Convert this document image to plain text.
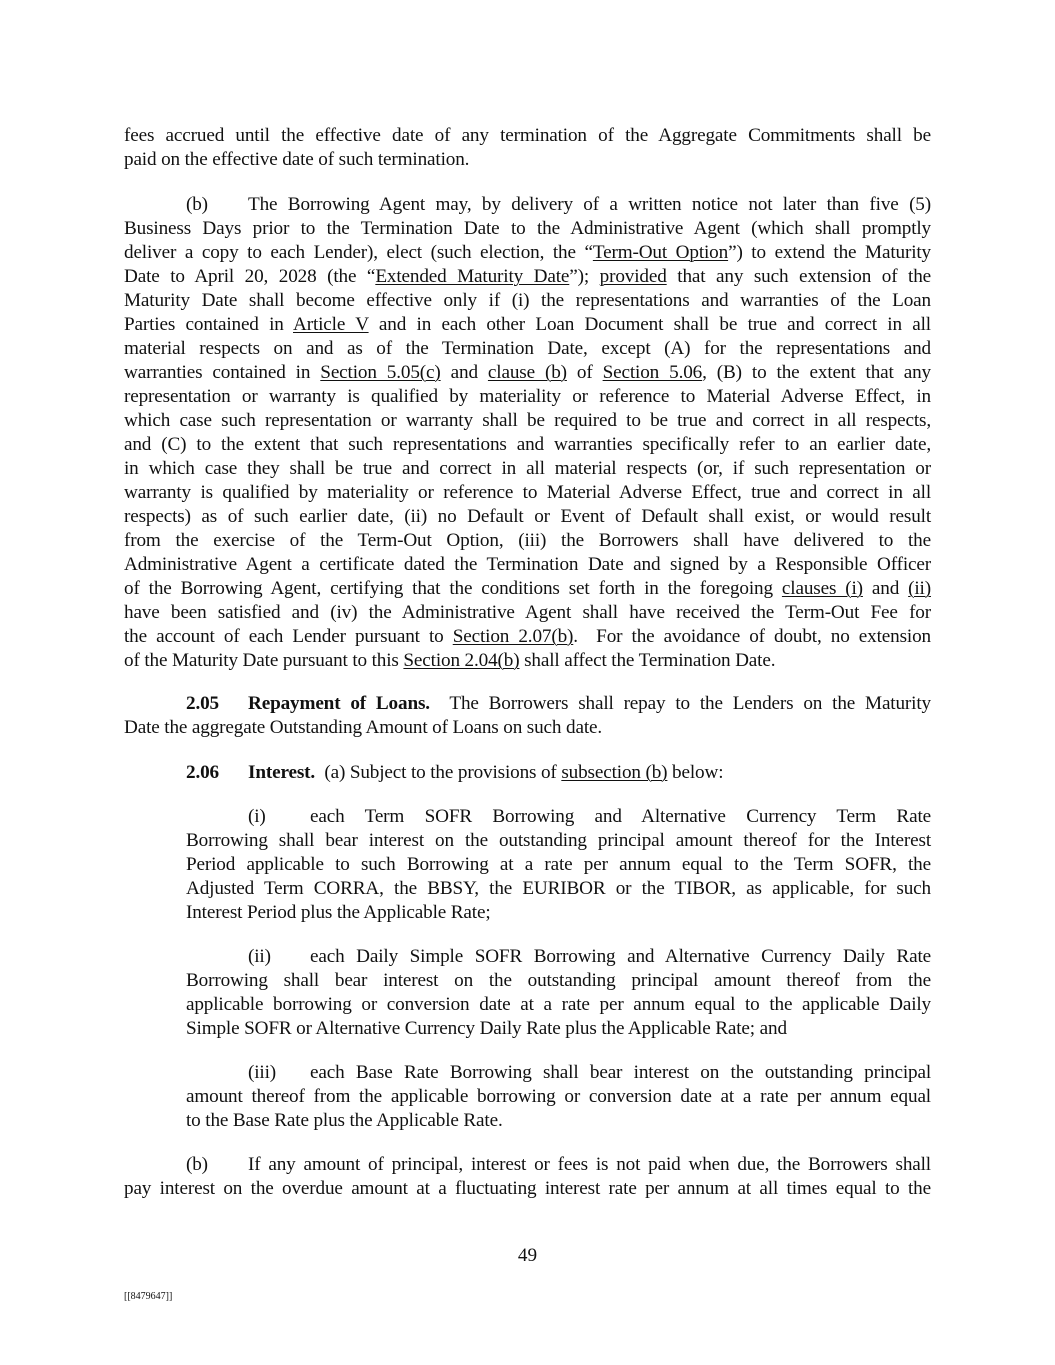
fees accrued until the effective date of any termination of the Aggregate Commitments shall be
paid on the effective date of such termination.
(b) The Borrowing Agent may, by delivery of a written notice not later than five (5)
Business Days prior to the Termination Date to the Administrative Agent (which shall promptly
deliver a copy to each Lender), elect (such election, the “Term-Out Option”) to extend the Maturity
Date to April 20, 2028 (the “Extended Maturity Date”); provided that any such extension of the
Maturity Date shall become effective only if (i) the representations and warranties of the Loan
Parties contained in Article V and in each other Loan Document shall be true and correct in all
material respects on and as of the Termination Date, except (A) for the representations and
warranties contained in Section 5.05(c) and clause (b) of Section 5.06, (B) to the extent that any
representation or warranty is qualified by materiality or reference to Material Adverse Effect, in
which case such representation or warranty shall be required to be true and correct in all respects,
and (C) to the extent that such representations and warranties specifically refer to an earlier date,
in which case they shall be true and correct in all material respects (or, if such representation or
warranty is qualified by materiality or reference to Material Adverse Effect, true and correct in all
respects) as of such earlier date, (ii) no Default or Event of Default shall exist, or would result
from the exercise of the Term-Out Option, (iii) the Borrowers shall have delivered to the
Administrative Agent a certificate dated the Termination Date and signed by a Responsible Officer
of the Borrowing Agent, certifying that the conditions set forth in the foregoing clauses (i) and (ii)
have been satisfied and (iv) the Administrative Agent shall have received the Term-Out Fee for
the account of each Lender pursuant to Section 2.07(b).  For the avoidance of doubt, no extension
of the Maturity Date pursuant to this Section 2.04(b) shall affect the Termination Date.
2.05 Repayment of Loans.  The Borrowers shall repay to the Lenders on the Maturity
Date the aggregate Outstanding Amount of Loans on such date.
2.06 Interest.  (a) Subject to the provisions of subsection (b) below:
(i) each Term SOFR Borrowing and Alternative Currency Term Rate
Borrowing shall bear interest on the outstanding principal amount thereof for the Interest
Period applicable to such Borrowing at a rate per annum equal to the Term SOFR, the
Adjusted Term CORRA, the BBSY, the EURIBOR or the TIBOR, as applicable, for such
Interest Period plus the Applicable Rate;
(ii) each Daily Simple SOFR Borrowing and Alternative Currency Daily Rate
Borrowing shall bear interest on the outstanding principal amount thereof from the
applicable borrowing or conversion date at a rate per annum equal to the applicable Daily
Simple SOFR or Alternative Currency Daily Rate plus the Applicable Rate; and
(iii) each Base Rate Borrowing shall bear interest on the outstanding principal
amount thereof from the applicable borrowing or conversion date at a rate per annum equal
to the Base Rate plus the Applicable Rate.
(b) If any amount of principal, interest or fees is not paid when due, the Borrowers shall
pay interest on the overdue amount at a fluctuating interest rate per annum at all times equal to the
49
[[8479647]]
